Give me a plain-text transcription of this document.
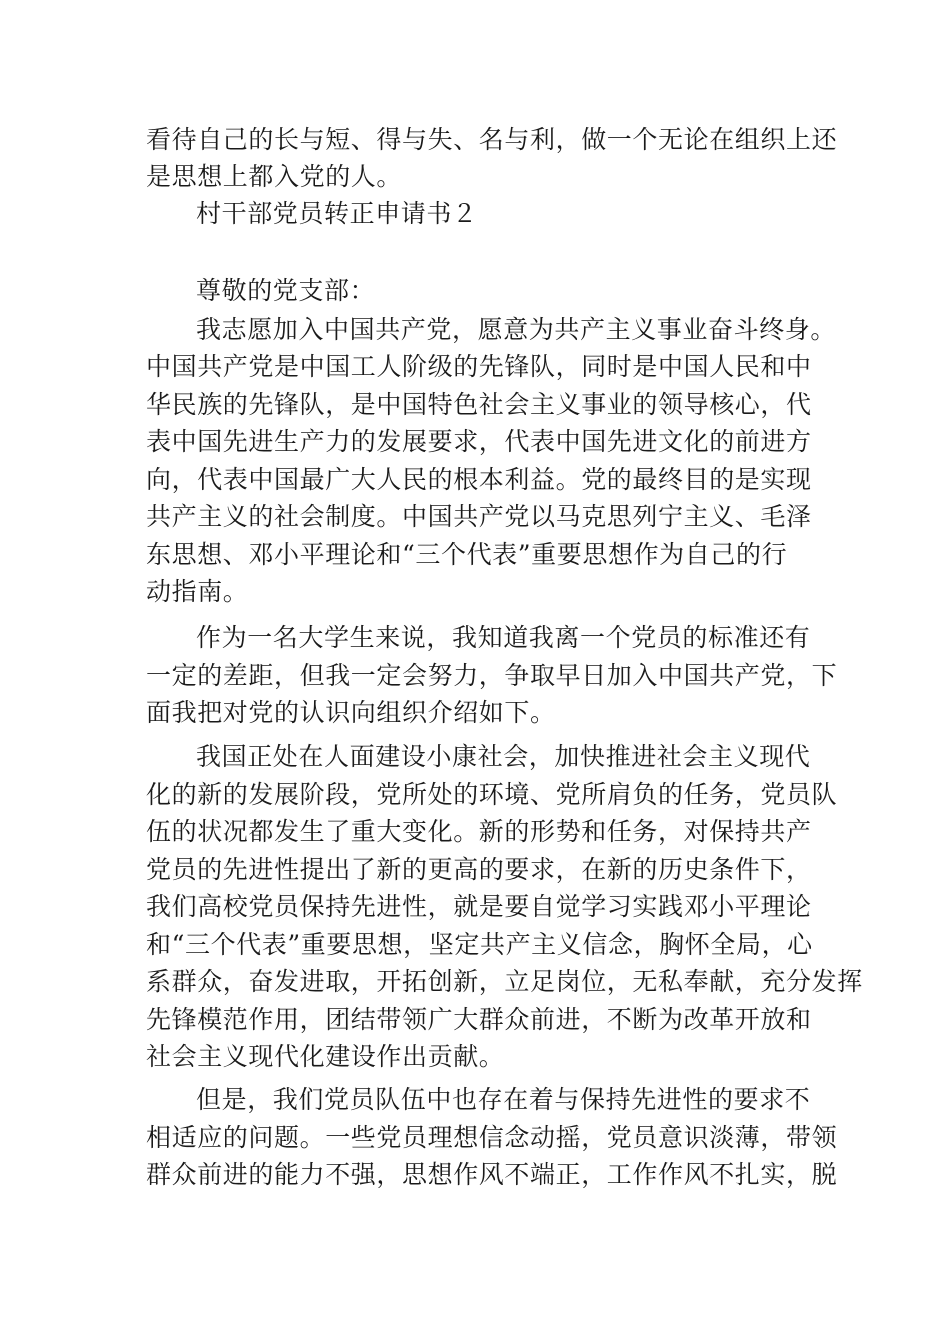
看待自己的长与短、得与失、名与利，做一个无论在组织上还
是思想上都入党的人。
村干部党员转正申请书２
尊敬的党支部：
我志愿加入中国共产党，愿意为共产主义事业奋斗终身。
中国共产党是中国工人阶级的先锋队，同时是中国人民和中
华民族的先锋队，是中国特色社会主义事业的领导核心，代
表中国先进生产力的发展要求，代表中国先进文化的前进方
向，代表中国最广大人民的根本利益。党的最终目的是实现
共产主义的社会制度。中国共产党以马克思列宁主义、毛泽
东思想、邓小平理论和“三个代表”重要思想作为自己的行
动指南。
作为一名大学生来说，我知道我离一个党员的标准还有
一定的差距，但我一定会努力，争取早日加入中国共产党，下
面我把对党的认识向组织介绍如下。
我国正处在人面建设小康社会，加快推进社会主义现代
化的新的发展阶段，党所处的环境、党所肩负的任务，党员队
伍的状况都发生了重大变化。新的形势和任务，对保持共产
党员的先进性提出了新的更高的要求，在新的历史条件下，
我们高校党员保持先进性，就是要自觉学习实践邓小平理论
和“三个代表”重要思想，坚定共产主义信念，胸怀全局，心
系群众，奋发进取，开拓创新，立足岗位，无私奉献，充分发挥
先锋模范作用，团结带领广大群众前进，不断为改革开放和
社会主义现代化建设作出贡献。
但是，我们党员队伍中也存在着与保持先进性的要求不
相适应的问题。一些党员理想信念动摇，党员意识淡薄，带领
群众前进的能力不强，思想作风不端正，工作作风不扎实，脱
